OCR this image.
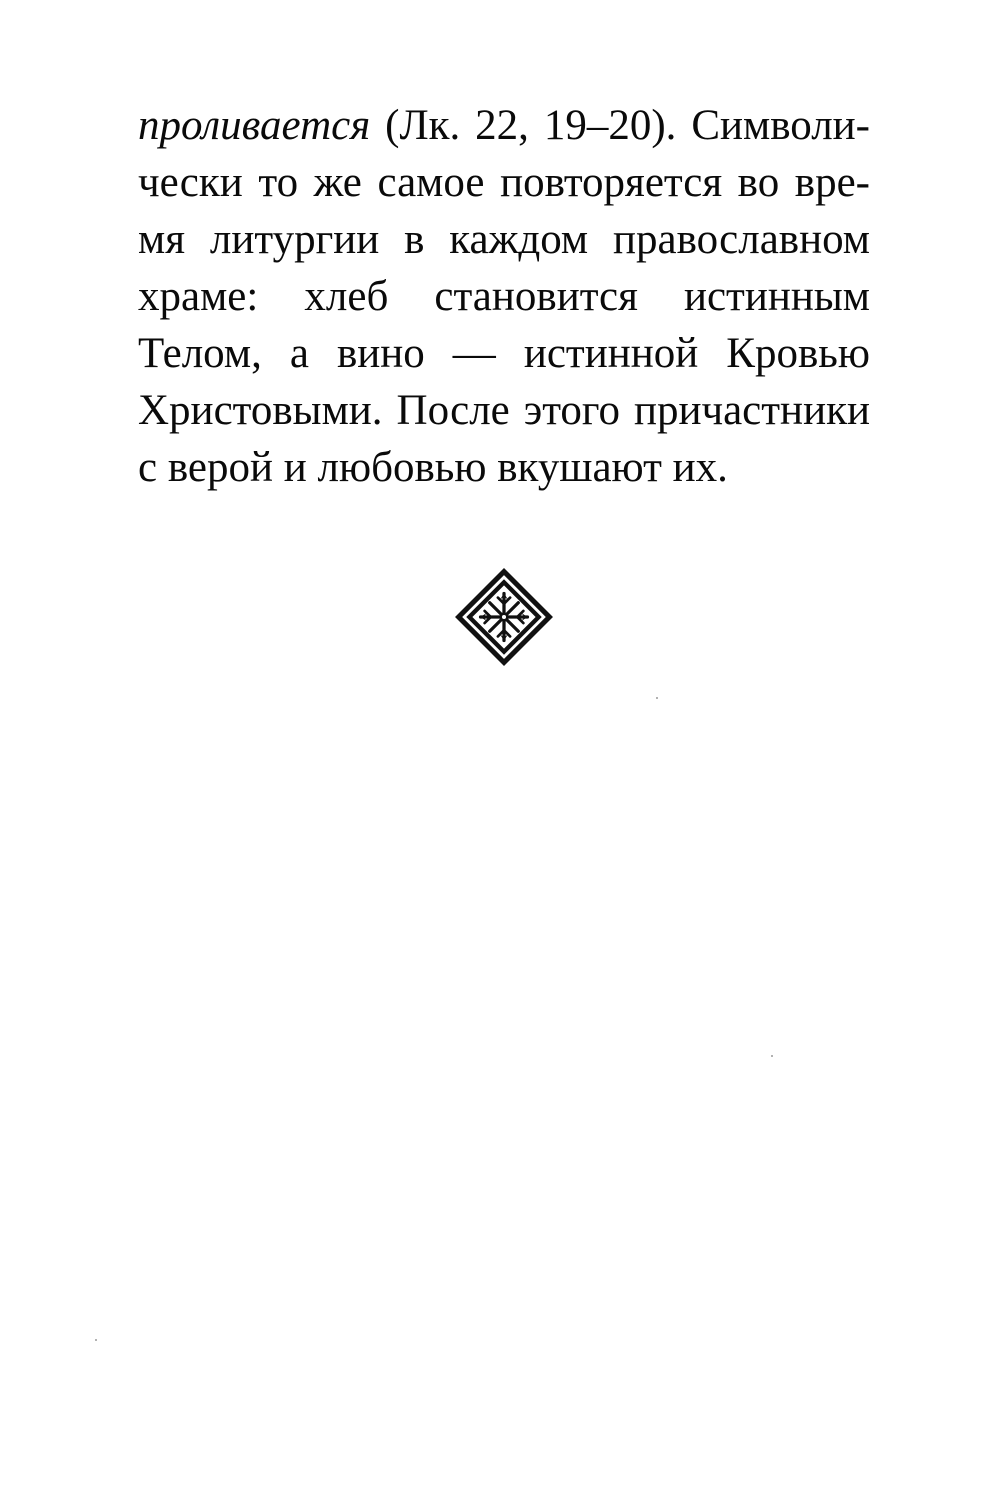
проливается (Лк. 22, 19–20). Символи-
чески то же самое повторяется во вре-
мя литургии в каждом православном
храме: хлеб становится истинным
Телом, а вино — истинной Кровью
Христовыми. После этого причастники
с верой и любовью вкушают их.
